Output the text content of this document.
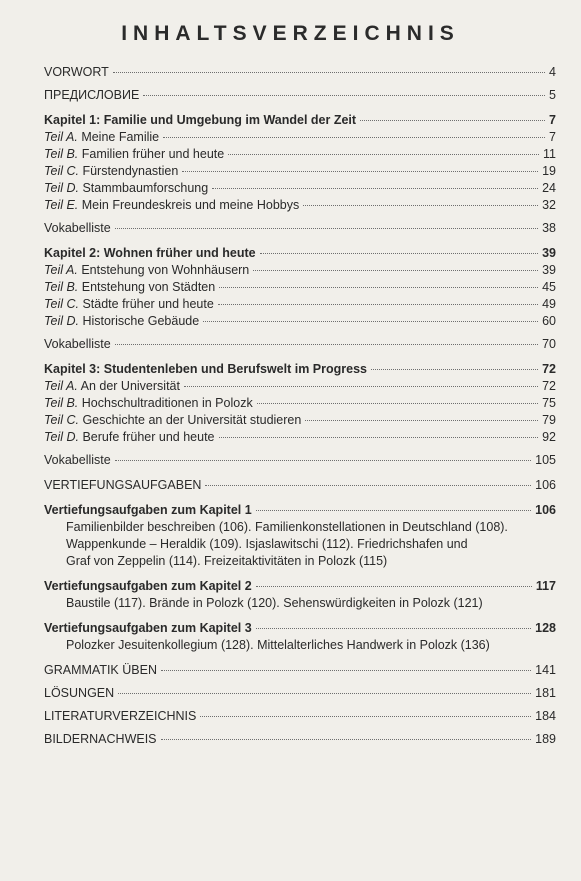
INHALTSVERZEICHNIS
VORWORT	4
ПРЕДИСЛОВИЕ	5
Kapitel 1: Familie und Umgebung im Wandel der Zeit	7
Teil A. Meine Familie	7
Teil B. Familien früher und heute	11
Teil C. Fürstendynastien	19
Teil D. Stammbaumforschung	24
Teil E. Mein Freundeskreis und meine Hobbys	32
Vokabelliste	38
Kapitel 2: Wohnen früher und heute	39
Teil A. Entstehung von Wohnhäusern	39
Teil B. Entstehung von Städten	45
Teil C. Städte früher und heute	49
Teil D. Historische Gebäude	60
Vokabelliste	70
Kapitel 3: Studentenleben und Berufswelt im Progress	72
Teil A. An der Universität	72
Teil B. Hochschultraditionen in Polozk	75
Teil C. Geschichte an der Universität studieren	79
Teil D. Berufe früher und heute	92
Vokabelliste	105
VERTIEFUNGSAUFGABEN	106
Vertiefungsaufgaben zum Kapitel 1	106
Familienbilder beschreiben (106). Familienkonstellationen in Deutschland (108).
Wappenkunde – Heraldik (109). Isjaslawitschi (112). Friedrichshafen und
Graf von Zeppelin (114). Freizeitaktivitäten in Polozk (115)
Vertiefungsaufgaben zum Kapitel 2	117
Baustile (117). Brände in Polozk (120). Sehenswürdigkeiten in Polozk (121)
Vertiefungsaufgaben zum Kapitel 3	128
Polozker Jesuitenkollegium (128). Mittelalterliches Handwerk in Polozk (136)
GRAMMATIK ÜBEN	141
LÖSUNGEN	181
LITERATURVERZEICHNIS	184
BILDERNACHWEIS	189
